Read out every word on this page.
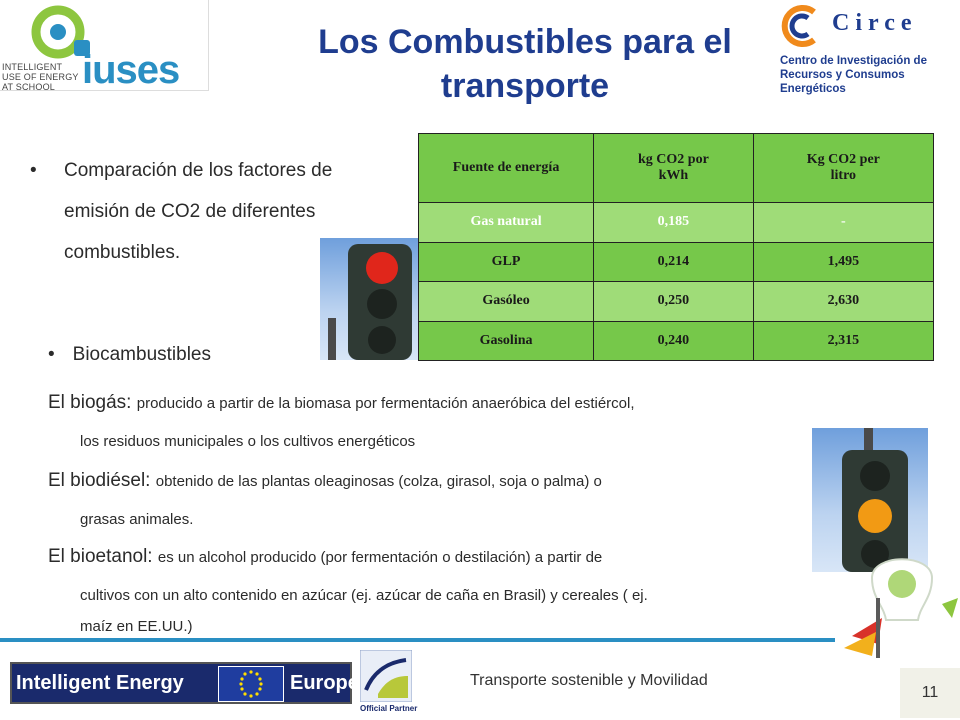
INTELLIGENT USE OF ENERGY AT SCHOOL iuses
Los Combustibles para el
transporte
Circe
Centro de Investigación de Recursos y Consumos Energéticos
•	Comparación de los factores de emisión de CO2 de diferentes combustibles.
Fuente de energía	kg CO2 por kWh	Kg CO2 per litro
Gas natural	0,185	-
GLP	0,214	1,495
Gasóleo	0,250	2,630
Gasolina	0,240	2,315
• Biocambustibles
El biogás: producido a partir de la biomasa por fermentación anaeróbica del estiércol,
los residuos municipales o los cultivos energéticos
El biodiésel: obtenido de las plantas oleaginosas (colza, girasol, soja o palma) o
grasas animales.
El bioetanol: es un alcohol producido (por fermentación o destilación) a partir de
cultivos con un alto contenido en azúcar (ej. azúcar de caña en Brasil) y cereales ( ej.
maíz en EE.UU.)
Intelligent Energy	Europe
Official Partner
Transporte sostenible y Movilidad
11
